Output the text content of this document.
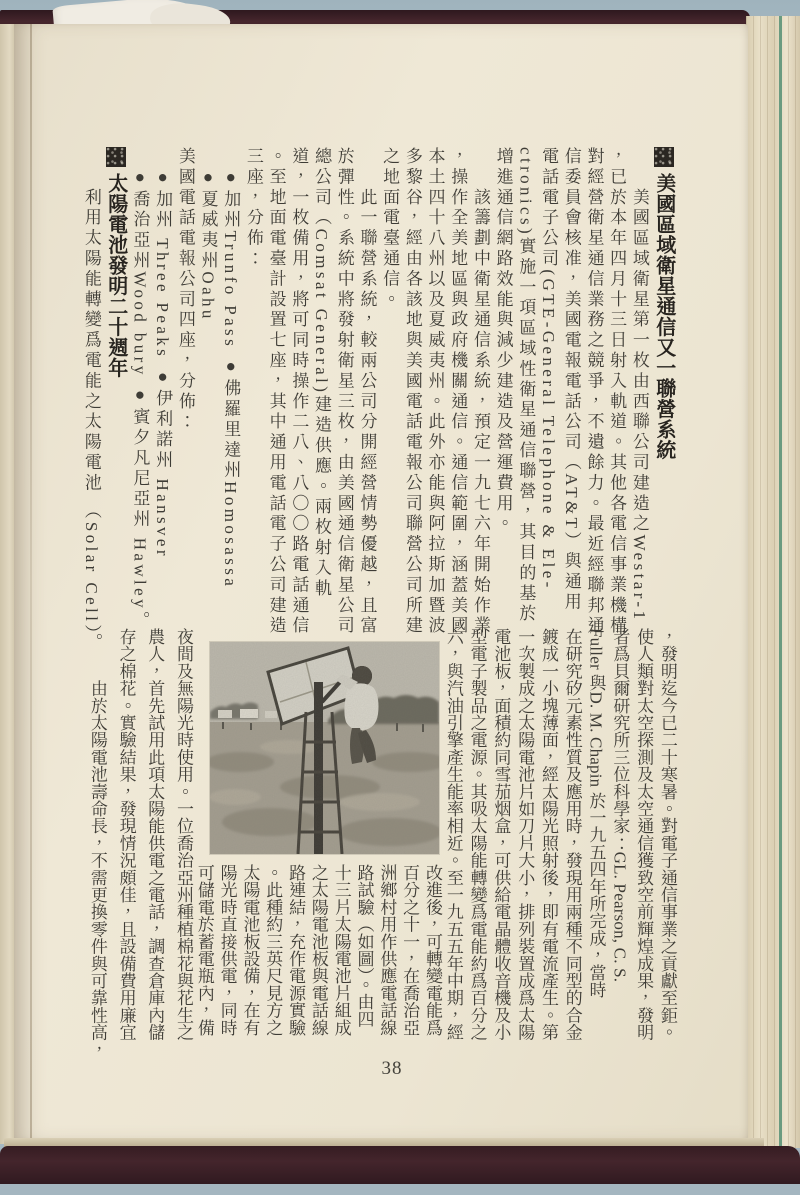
美國區域衛星通信又一聯營系統
　　美國區域衛星第一枚由西聯公司建造之Westar-1
，已於本年四月十三日射入軌道。其他各電信事業機構
對經營衛星通信業務之競爭，不遺餘力。最近經聯邦通
信委員會核准，美國電報電話公司（AT&T）與通用
電話電子公司(GTE-General Telephone & Ele-
ctronics)實施一項區域性衛星通信聯營，其目的基於
增進通信網路效能與減少建造及營運費用。
　　該籌劃中衛星通信系統，預定一九七六年開始作業
，操作全美地區與政府機關通信。通信範圍，涵蓋美國
本土四十八州以及夏威夷州。此外亦能與阿拉斯加暨波
多黎谷，經由各該地與美國電話電報公司聯營公司所建
之地面電臺通信。
　　此一聯營系統，較兩公司分開經營情勢優越，且富
於彈性。系統中將發射衛星三枚，由美國通信衛星公司
總公司（Comsat General)建造供應。兩枚射入軌
道，一枚備用，將可同時操作二八、八〇〇路電話通信
。至地面電臺計設置七座，其中通用電話電子公司建造
三座，分佈：
　●加州Trunfo Pass ●佛羅里達州Homosassa
　●夏威夷州Oahu
美國電話電報公司四座，分佈：
　●加州 Three Peaks ●伊利諾州 Hansver
　●喬治亞州Wood bury ●賓夕凡尼亞州 Hawley。
太陽電池發明二十週年
　　利用太陽能轉變爲電能之太陽電池 （Solar Cell）
，發明迄今已二十寒暑。對電子通信事業之貢獻至鉅。
使人類對太空探測及太空通信獲致空前輝煌成果，發明
者爲貝爾研究所三位科學家：GL. Pearson, C. S.
Fuller 與D. M. Chapin 於一九五四年所完成，當時
在研究矽元素性質及應用時，發現用兩種不同型的合金
鍍成一小塊薄面，經太陽光照射後，即有電流產生。第
一次製成之太陽電池片如刀片大小，排列裝置成爲太陽
電池板，面積約同雪茄烟盒，可供給電晶體收音機及小
型電子製品之電源。其吸太陽能轉變爲電能約爲百分之
六，與汽油引擎產生能率相近。至一九五五年中期，經
改進後，可轉變電能爲
百分之十一，在喬治亞
洲鄉村用作供應電話線
路試驗（如圖）。由四
十三片太陽電池片組成
之太陽電池板與電話線
路連結，充作電源實驗
。此種約三英尺見方之
太陽電池板設備，在有
陽光時直接供電，同時
可儲電於蓄電瓶內，備
夜間及無陽光時使用。一位喬治亞州種植棉花與花生之
農人，首先試用此項太陽能供電之電話，調查倉庫內儲
存之棉花。實驗結果，發現情況頗佳，且設備費用廉宜
。　　由於太陽電池壽命長，不需更換零件與可靠性高，
38
